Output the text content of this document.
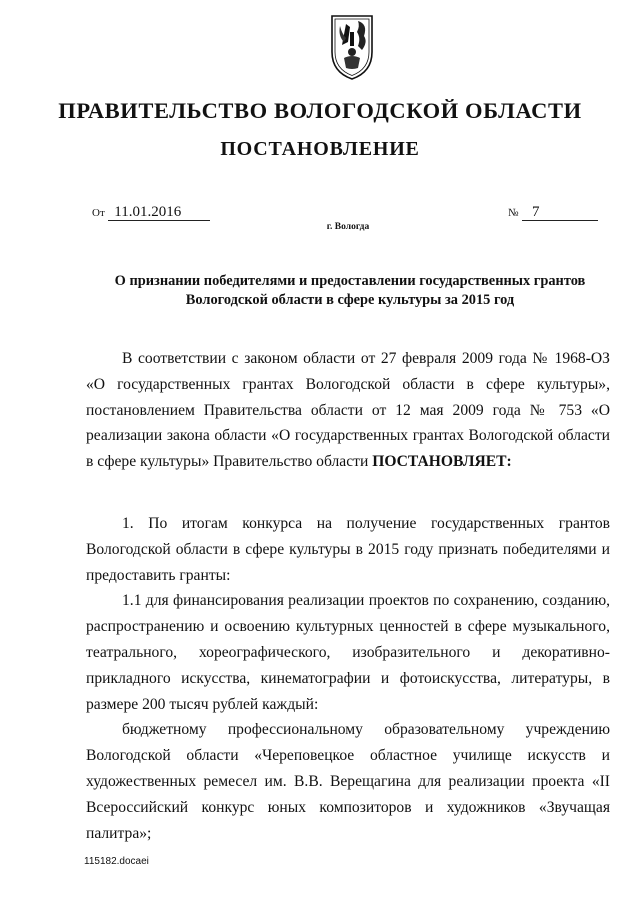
ПРАВИТЕЛЬСТВО ВОЛОГОДСКОЙ ОБЛАСТИ
ПОСТАНОВЛЕНИЕ
От 11.01.2016	№ 7
г. Вологда
О признании победителями и предоставлении государственных грантов
Вологодской области в сфере культуры за 2015 год

В соответствии с законом области от 27 февраля 2009 года № 1968-ОЗ «О государственных грантах Вологодской области в сфере культуры», постановлением Правительства области от 12 мая 2009 года № 753 «О реализации закона области «О государственных грантах Вологодской области в сфере культуры» Правительство области ПОСТАНОВЛЯЕТ:

1. По итогам конкурса на получение государственных грантов Вологодской области в сфере культуры в 2015 году признать победителями и предоставить гранты:

1.1 для финансирования реализации проектов по сохранению, созданию, распространению и освоению культурных ценностей в сфере музыкального, театрального, хореографического, изобразительного и декоративно-прикладного искусства, кинематографии и фотоискусства, литературы, в размере 200 тысяч рублей каждый:

бюджетному профессиональному образовательному учреждению Вологодской области «Череповецкое областное училище искусств и художественных ремесел им. В.В. Верещагина для реализации проекта «II Всероссийский конкурс юных композиторов и художников «Звучащая палитра»;

115182.docaei
